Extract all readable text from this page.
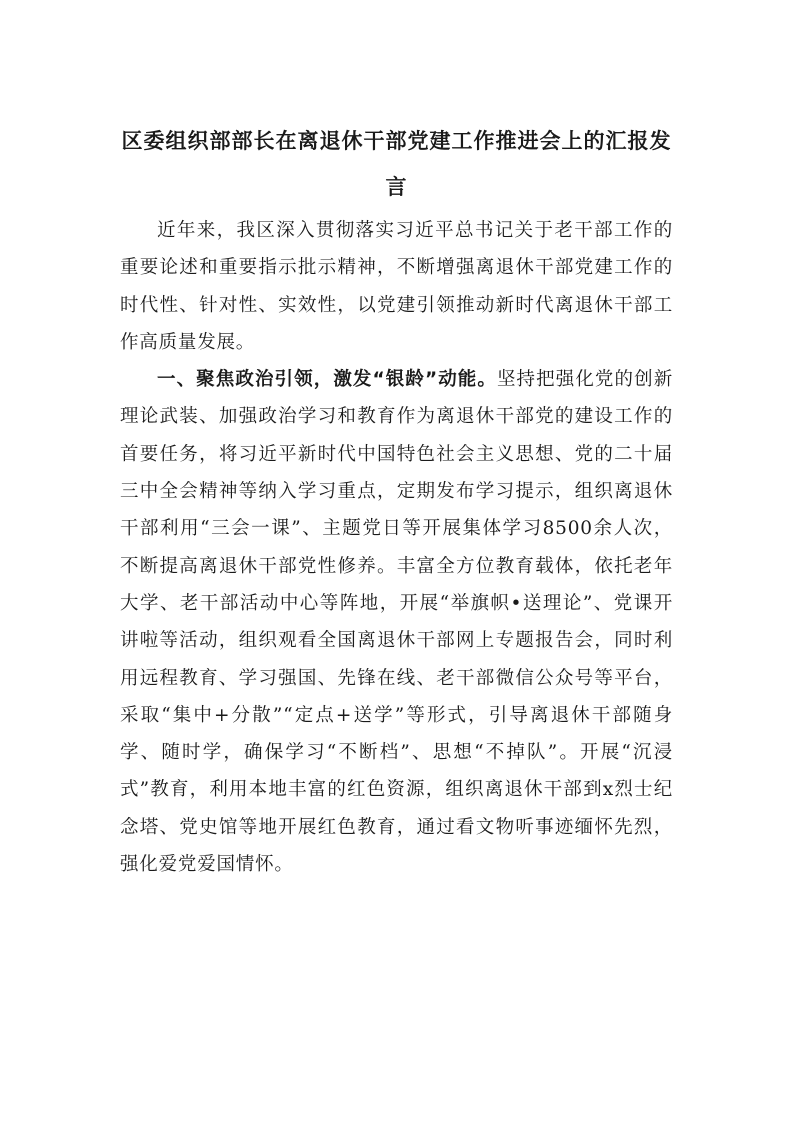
区委组织部部长在离退休干部党建工作推进会上的汇报发言

近年来，我区深入贯彻落实习近平总书记关于老干部工作的重要论述和重要指示批示精神，不断增强离退休干部党建工作的时代性、针对性、实效性，以党建引领推动新时代离退休干部工作高质量发展。

一、聚焦政治引领，激发“银龄”动能。坚持把强化党的创新理论武装、加强政治学习和教育作为离退休干部党的建设工作的首要任务，将习近平新时代中国特色社会主义思想、党的二十届三中全会精神等纳入学习重点，定期发布学习提示，组织离退休干部利用“三会一课”、主题党日等开展集体学习8500余人次，不断提高离退休干部党性修养。丰富全方位教育载体，依托老年大学、老干部活动中心等阵地，开展“举旗帜•送理论”、党课开讲啦等活动，组织观看全国离退休干部网上专题报告会，同时利用远程教育、学习强国、先锋在线、老干部微信公众号等平台，采取“集中+分散”“定点+送学”等形式，引导离退休干部随身学、随时学，确保学习“不断档”、思想“不掉队”。开展“沉浸式”教育，利用本地丰富的红色资源，组织离退休干部到x烈士纪念塔、党史馆等地开展红色教育，通过看文物听事迹缅怀先烈，强化爱党爱国情怀。
